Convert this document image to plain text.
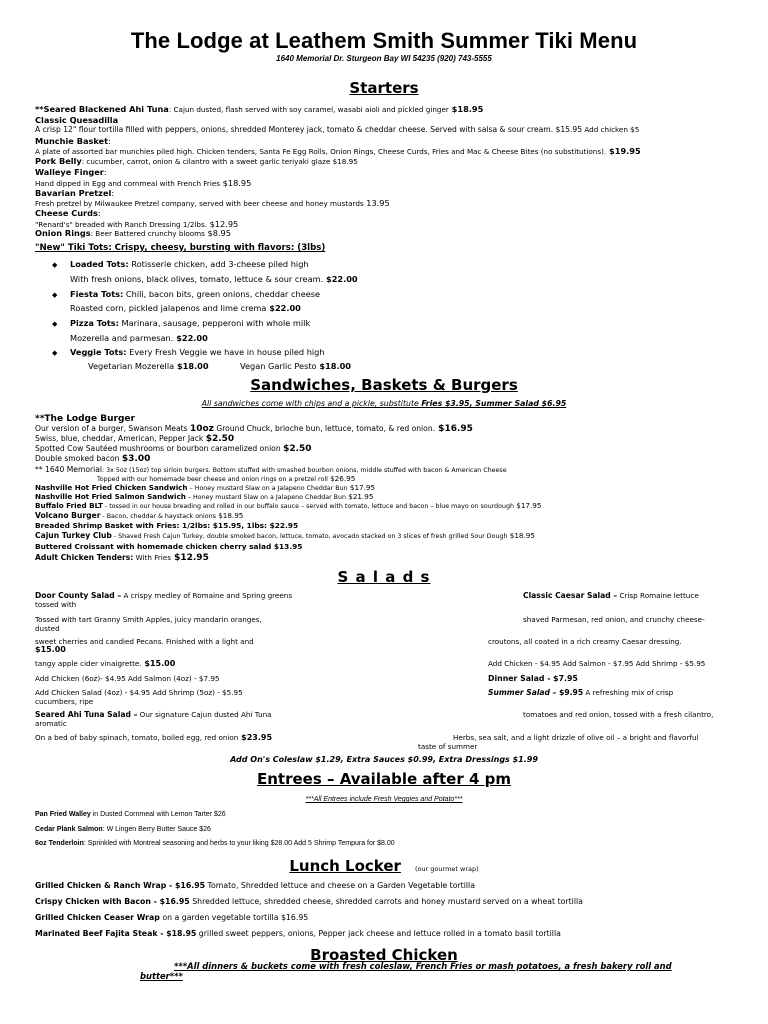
The Lodge at Leathem Smith Summer Tiki Menu
1640 Memorial Dr. Sturgeon Bay WI 54235 (920) 743-5555
Starters
**Seared Blackened Ahi Tuna: Cajun dusted, flash served with soy caramel, wasabi aioli and pickled ginger $18.95
Classic Quesadilla
A crisp 12" flour tortilla filled with peppers, onions, shredded Monterey jack, tomato & cheddar cheese. Served with salsa & sour cream. $15.95 Add chicken $5
Munchie Basket:
A plate of assorted bar munchies piled high. Chicken tenders, Santa Fe Egg Rolls, Onion Rings, Cheese Curds, Fries and Mac & Cheese Bites (no substitutions). $19.95
Pork Belly: cucumber, carrot, onion & cilantro with a sweet garlic teriyaki glaze $18.95
Walleye Finger:
Hand dipped in Egg and cornmeal with French Fries $18.95
Bavarian Pretzel:
Fresh pretzel by Milwaukee Pretzel company, served with beer cheese and honey mustards 13.95
Cheese Curds:
"Renard's" breaded with Ranch Dressing 1/2lbs. $12.95
Onion Rings: Beer Battered crunchy blooms $8.95
"New" Tiki Tots: Crispy, cheesy, bursting with flavors: (3lbs)
◆ Loaded Tots: Rotisserie chicken, add 3-cheese piled high
With fresh onions, black olives, tomato, lettuce & sour cream. $22.00
◆ Fiesta Tots: Chili, bacon bits, green onions, cheddar cheese
Roasted corn, pickled jalapenos and lime crema $22.00
◆ Pizza Tots: Marinara, sausage, pepperoni with whole milk
Mozerella and parmesan. $22.00
◆ Veggie Tots: Every Fresh Veggie we have in house piled high
Vegetarian Mozerella $18.00	Vegan Garlic Pesto $18.00
Sandwiches, Baskets & Burgers
All sandwiches come with chips and a pickle, substitute Fries $3.95, Summer Salad $6.95
**The Lodge Burger
Our version of a burger, Swanson Meats 10oz Ground Chuck, brioche bun, lettuce, tomato, & red onion. $16.95
Swiss, blue, cheddar, American, Pepper Jack $2.50
Spotted Cow Sautéed mushrooms or bourbon caramelized onion $2.50
Double smoked bacon $3.00
** 1640 Memorial: 3x 5oz (15oz) top sirloin burgers. Bottom stuffed with smashed bourbon onions, middle stuffed with bacon & American Cheese
Topped with our homemade beer cheese and onion rings on a pretzel roll $26.95
Nashville Hot Fried Chicken Sandwich – Honey mustard Slaw on a Jalapeno Cheddar Bun $17.95
Nashville Hot Fried Salmon Sandwich – Honey mustard Slaw on a Jalapeno Cheddar Bun $21.95
Buffalo Fried BLT - tossed in our house breading and rolled in our buffalo sauce – served with tomato, lettuce and bacon – blue mayo on sourdough $17.95
Volcano Burger - Bacon, cheddar & haystack onions $18.95
Breaded Shrimp Basket with Fries: 1/2lbs: $15.95, 1lbs: $22.95
Cajun Turkey Club - Shaved Fresh Cajun Turkey, double smoked bacon, lettuce, tomato, avocado stacked on 3 slices of fresh grilled Sour Dough $18.95
Buttered Croissant with homemade chicken cherry salad $13.95
Adult Chicken Tenders: With Fries $12.95
S a l a d s
Door County Salad – A crispy medley of Romaine and Spring greens
tossed with
Tossed with tart Granny Smith Apples, juicy mandarin oranges,
dusted
sweet cherries and candied Pecans. Finished with a light and
$15.00
tangy apple cider vinaigrette. $15.00
Add Chicken (6oz)- $4.95 Add Salmon (4oz) - $7.95
Add Chicken Salad (4oz) - $4.95 Add Shrimp (5oz) - $5.95
cucumbers, ripe
Seared Ahi Tuna Salad – Our signature Cajun dusted Ahi Tuna
aromatic
On a bed of baby spinach, tomato, boiled egg, red onion $23.95
Classic Caesar Salad – Crisp Romaine lettuce
shaved Parmesan, red onion, and crunchy cheese-
croutons, all coated in a rich creamy Caesar dressing.
Add Chicken - $4.95 Add Salmon - $7.95 Add Shrimp - $5.95
Dinner Salad - $7.95
Summer Salad – $9.95 A refreshing mix of crisp
tomatoes and red onion, tossed with a fresh cilantro,
Herbs, sea salt, and a light drizzle of olive oil – a bright and flavorful
taste of summer
Add On's Coleslaw $1.29, Extra Sauces $0.99, Extra Dressings $1.99
Entrees – Available after 4 pm
***All Entrees include Fresh Veggies and Potato***
Pan Fried Walley in Dusted Cornmeal with Lemon Tarter $26
Cedar Plank Salmon: W Lingen Berry Butter Sauce $26
6oz Tenderloin: Sprinkled with Montreal seasoning and herbs to your liking $28.00 Add 5 Shrimp Tempura for $8.00
Lunch Locker (our gourmet wrap)
Grilled Chicken & Ranch Wrap - $16.95 Tomato, Shredded lettuce and cheese on a Garden Vegetable tortilla
Crispy Chicken with Bacon - $16.95 Shredded lettuce, shredded cheese, shredded carrots and honey mustard served on a wheat tortilla
Grilled Chicken Ceaser Wrap on a garden vegetable tortilla $16.95
Marinated Beef Fajita Steak - $18.95 grilled sweet peppers, onions, Pepper jack cheese and lettuce rolled in a tomato basil tortilla
Broasted Chicken
***All dinners & buckets come with fresh coleslaw, French Fries or mash potatoes, a fresh bakery roll and
butter***
